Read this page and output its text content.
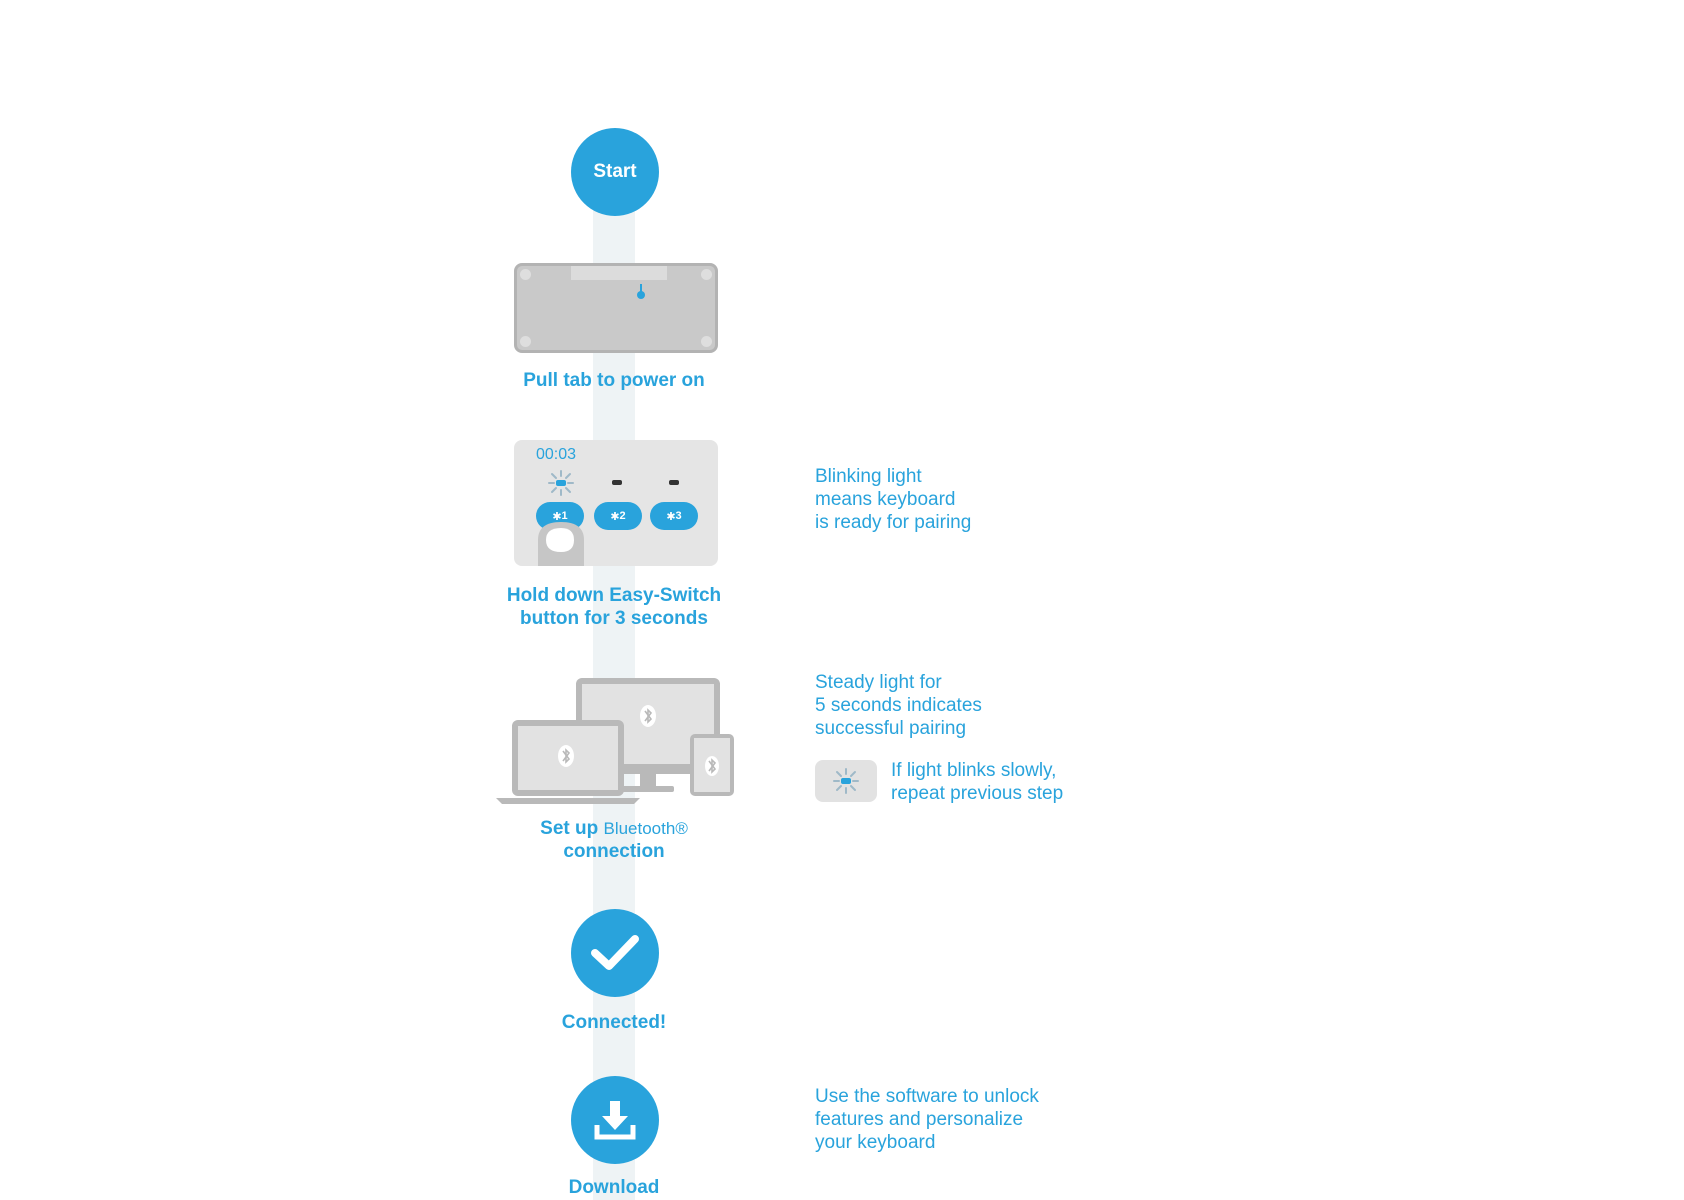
Start
Pull tab to power on
00:03
✱ 1	✱ 2	✱ 3
Hold down Easy-Switch
button for 3 seconds
Blinking light
means keyboard
is ready for pairing
Set up Bluetooth®
connection
Steady light for
5 seconds indicates
successful pairing
If light blinks slowly,
repeat previous step
Connected!
Download
Use the software to unlock
features and personalize
your keyboard
